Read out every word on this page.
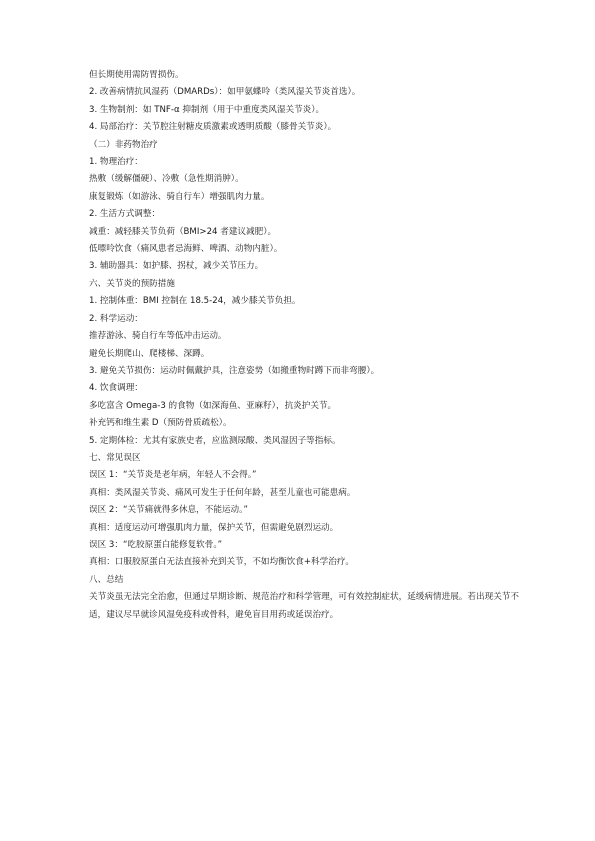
但长期使用需防胃损伤。
2. 改善病情抗风湿药（DMARDs）：如甲氨蝶呤（类风湿关节炎首选）。
3. 生物制剂：如 TNF-α 抑制剂（用于中重度类风湿关节炎）。
4. 局部治疗：关节腔注射糖皮质激素或透明质酸（膝骨关节炎）。
（二）非药物治疗
1. 物理治疗：
热敷（缓解僵硬）、冷敷（急性期消肿）。
康复锻炼（如游泳、骑自行车）增强肌肉力量。
2. 生活方式调整：
减重：减轻膝关节负荷（BMI>24 者建议减肥）。
低嘌呤饮食（痛风患者忌海鲜、啤酒、动物内脏）。
3. 辅助器具：如护膝、拐杖，减少关节压力。
六、关节炎的预防措施
1. 控制体重：BMI 控制在 18.5-24，减少膝关节负担。
2. 科学运动：
推荐游泳、骑自行车等低冲击运动。
避免长期爬山、爬楼梯、深蹲。
3. 避免关节损伤：运动时佩戴护具，注意姿势（如搬重物时蹲下而非弯腰）。
4. 饮食调理：
多吃富含 Omega-3 的食物（如深海鱼、亚麻籽），抗炎护关节。
补充钙和维生素 D（预防骨质疏松）。
5. 定期体检：尤其有家族史者，应监测尿酸、类风湿因子等指标。
七、常见误区
误区 1：“关节炎是老年病，年轻人不会得。”
真相：类风湿关节炎、痛风可发生于任何年龄，甚至儿童也可能患病。
误区 2：“关节痛就得多休息，不能运动。”
真相：适度运动可增强肌肉力量，保护关节，但需避免剧烈运动。
误区 3：“吃胶原蛋白能修复软骨。”
真相：口服胶原蛋白无法直接补充到关节，不如均衡饮食+科学治疗。
八、总结
关节炎虽无法完全治愈，但通过早期诊断、规范治疗和科学管理，可有效控制症状，延缓病情进展。若出现关节不适，建议尽早就诊风湿免疫科或骨科，避免盲目用药或延误治疗。
